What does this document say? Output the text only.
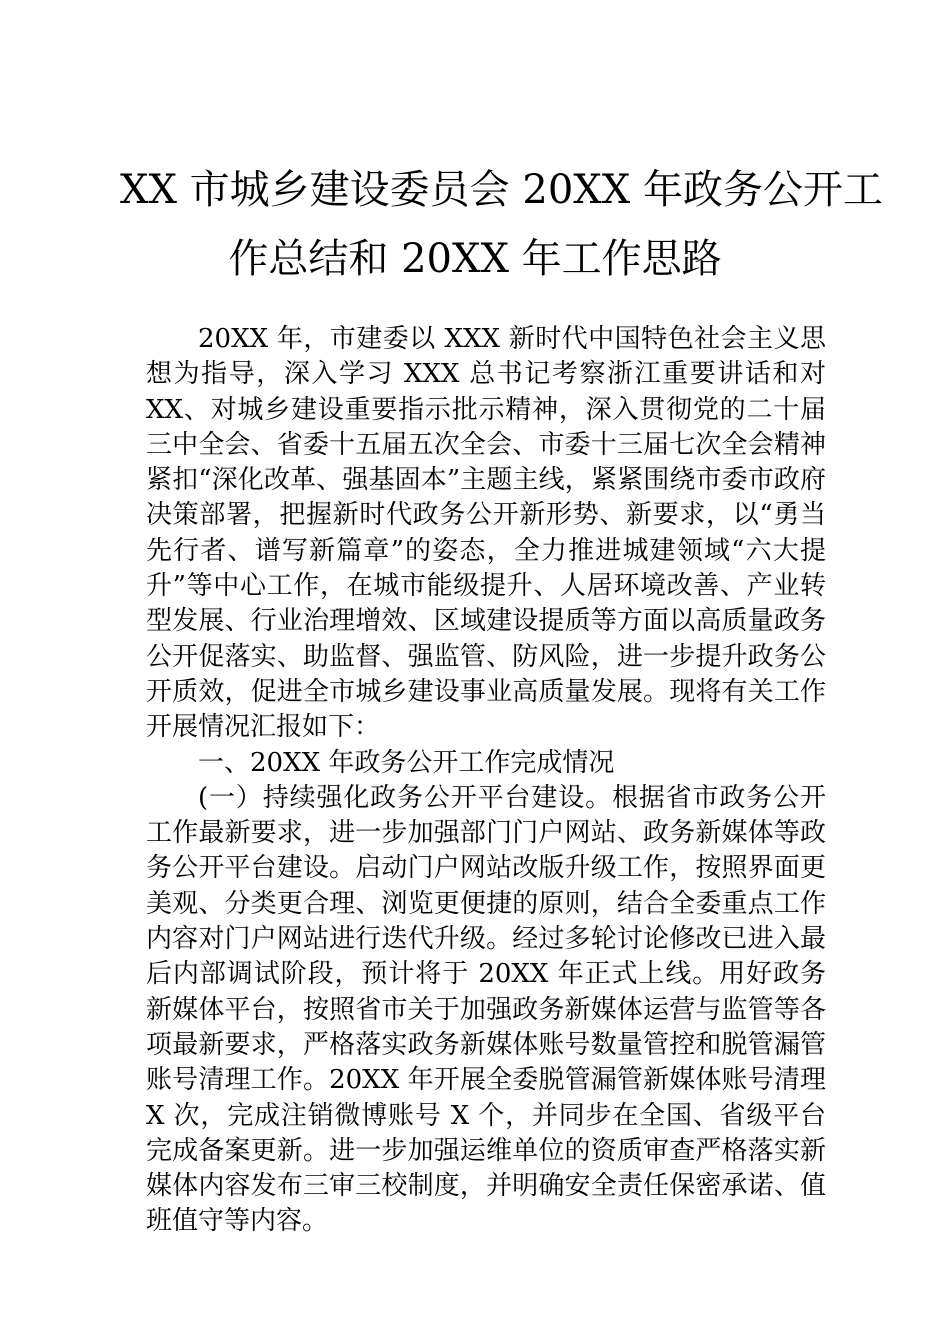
XX 市城乡建设委员会 20XX 年政务公开工
作总结和 20XX 年工作思路

20XX 年，市建委以 XXX 新时代中国特色社会主义思想为指导，深入学习 XXX 总书记考察浙江重要讲话和对 XX、对城乡建设重要指示批示精神，深入贯彻党的二十届三中全会、省委十五届五次全会、市委十三届七次全会精神紧扣“深化改革、强基固本”主题主线，紧紧围绕市委市政府决策部署，把握新时代政务公开新形势、新要求，以“勇当先行者、谱写新篇章”的姿态，全力推进城建领域“六大提升”等中心工作，在城市能级提升、人居环境改善、产业转型发展、行业治理增效、区域建设提质等方面以高质量政务公开促落实、助监督、强监管、防风险，进一步提升政务公开质效，促进全市城乡建设事业高质量发展。现将有关工作开展情况汇报如下：

一、20XX 年政务公开工作完成情况

(一）持续强化政务公开平台建设。根据省市政务公开工作最新要求，进一步加强部门门户网站、政务新媒体等政务公开平台建设。启动门户网站改版升级工作，按照界面更美观、分类更合理、浏览更便捷的原则，结合全委重点工作内容对门户网站进行迭代升级。经过多轮讨论修改已进入最后内部调试阶段，预计将于 20XX 年正式上线。用好政务新媒体平台，按照省市关于加强政务新媒体运营与监管等各项最新要求，严格落实政务新媒体账号数量管控和脱管漏管账号清理工作。20XX 年开展全委脱管漏管新媒体账号清理 X 次，完成注销微博账号 X 个，并同步在全国、省级平台完成备案更新。进一步加强运维单位的资质审查严格落实新媒体内容发布三审三校制度，并明确安全责任保密承诺、值班值守等内容。
